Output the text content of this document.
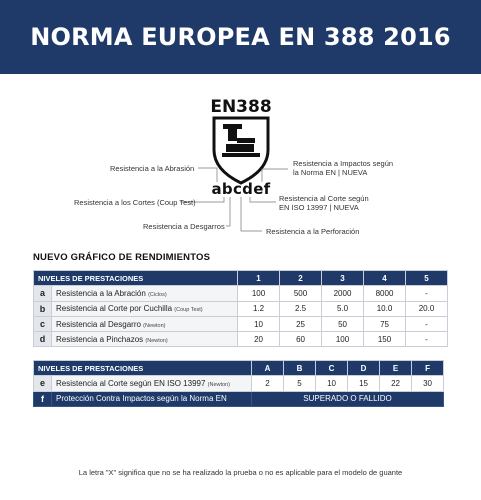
NORMA EUROPEA EN 388 2016
EN388
abcdef
Resistencia a la Abrasión
Resistencia a los Cortes (Coup Test)
Resistencia a Desgarros
Resistencia a Impactos según
la Norma EN | NUEVA
Resistencia al Corte según
EN ISO 13997 | NUEVA
Resistencia a la Perforación
NUEVO GRÁFICO DE RENDIMIENTOS
NIVELES DE PRESTACIONES		1	2	3	4	5
a	Resistencia a la Abración (Ciclos)	100	500	2000	8000	-
b	Resistencia al Corte por Cuchilla (Coup Test)	1.2	2.5	5.0	10.0	20.0
c	Resistencia al Desgarro (Newton)	10	25	50	75	-
d	Resistencia a Pinchazos (Newton)	20	60	100	150	-
NIVELES DE PRESTACIONES		A	B	C	D	E	F
e	Resistencia al Corte según EN ISO 13997 (Newton)	2	5	10	15	22	30
f	Protección Contra Impactos según la Norma EN	SUPERADO O FALLIDO					
La letra "X" significa que no se ha realizado la prueba o no es aplicable para el modelo de guante
